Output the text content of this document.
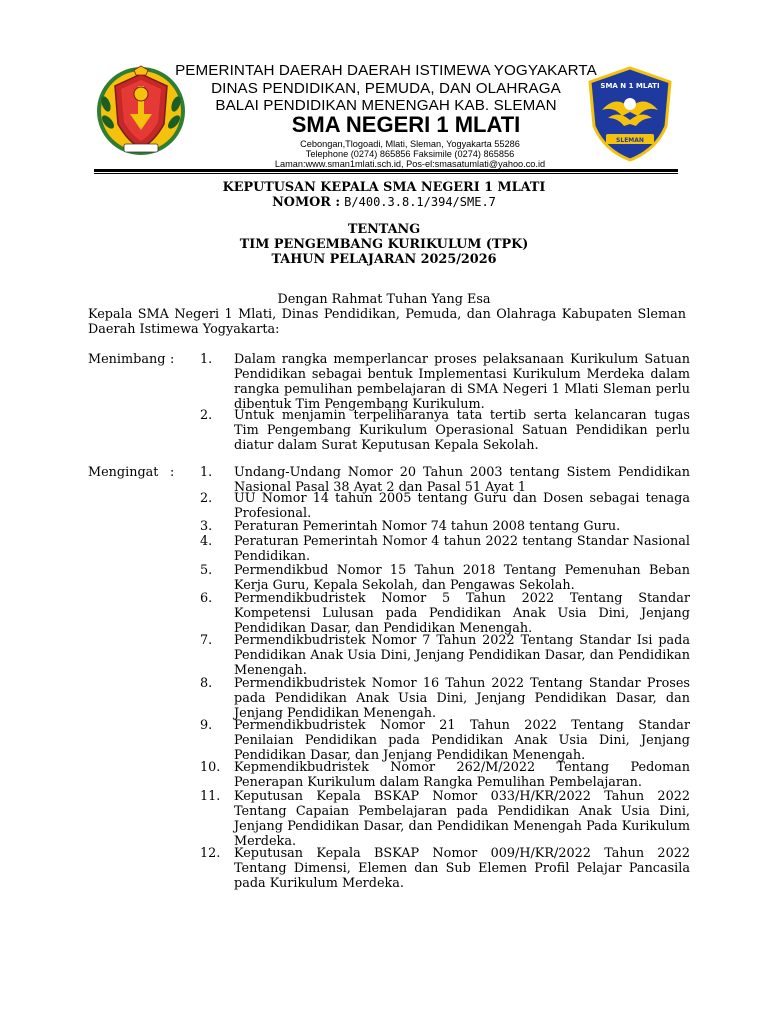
PEMERINTAH DAERAH DAERAH ISTIMEWA YOGYAKARTA
DINAS PENDIDIKAN, PEMUDA, DAN OLAHRAGA
BALAI PENDIDIKAN MENENGAH KAB. SLEMAN
SMA NEGERI 1 MLATI
Cebongan,Tlogoadi, Mlati, Sleman, Yogyakarta 55286
Telephone (0274) 865856 Faksimile (0274) 865856
Laman:www.sman1mlati.sch.id, Pos-el:smasatumlati@yahoo.co.id
SMA N 1 MLATI
SLEMAN
KEPUTUSAN KEPALA SMA NEGERI 1 MLATI
NOMOR : B/400.3.8.1/394/SME.7
TENTANG
TIM PENGEMBANG KURIKULUM (TPK)
TAHUN PELAJARAN 2025/2026
Dengan Rahmat Tuhan Yang Esa
Kepala SMA Negeri 1 Mlati, Dinas Pendidikan, Pemuda, dan Olahraga Kabupaten Sleman Daerah Istimewa Yogyakarta:
Menimbang : 1.	Dalam rangka memperlancar proses pelaksanaan Kurikulum Satuan Pendidikan sebagai bentuk Implementasi Kurikulum Merdeka dalam rangka pemulihan pembelajaran di SMA Negeri 1 Mlati Sleman perlu dibentuk Tim Pengembang Kurikulum.
2.	Untuk menjamin terpeliharanya tata tertib serta kelancaran tugas Tim Pengembang Kurikulum Operasional Satuan Pendidikan perlu diatur dalam Surat Keputusan Kepala Sekolah.
Mengingat : 1.	Undang-Undang Nomor 20 Tahun 2003 tentang Sistem Pendidikan Nasional Pasal 38 Ayat 2 dan Pasal 51 Ayat 1
2.	UU Nomor 14 tahun 2005 tentang Guru dan Dosen sebagai tenaga Profesional.
3.	Peraturan Pemerintah Nomor 74 tahun 2008 tentang Guru.
4.	Peraturan Pemerintah Nomor 4 tahun 2022 tentang Standar Nasional Pendidikan.
5.	Permendikbud Nomor 15 Tahun 2018 Tentang Pemenuhan Beban Kerja Guru, Kepala Sekolah, dan Pengawas Sekolah.
6.	Permendikbudristek Nomor 5 Tahun 2022 Tentang Standar Kompetensi Lulusan pada Pendidikan Anak Usia Dini, Jenjang Pendidikan Dasar, dan Pendidikan Menengah.
7.	Permendikbudristek Nomor 7 Tahun 2022 Tentang Standar Isi pada Pendidikan Anak Usia Dini, Jenjang Pendidikan Dasar, dan Pendidikan Menengah.
8.	Permendikbudristek Nomor 16 Tahun 2022 Tentang Standar Proses pada Pendidikan Anak Usia Dini, Jenjang Pendidikan Dasar, dan Jenjang Pendidikan Menengah.
9.	Permendikbudristek Nomor 21 Tahun 2022 Tentang Standar Penilaian Pendidikan pada Pendidikan Anak Usia Dini, Jenjang Pendidikan Dasar, dan Jenjang Pendidikan Menengah.
10.	Kepmendikbudristek Nomor 262/M/2022 Tentang Pedoman Penerapan Kurikulum dalam Rangka Pemulihan Pembelajaran.
11.	Keputusan Kepala BSKAP Nomor 033/H/KR/2022 Tahun 2022 Tentang Capaian Pembelajaran pada Pendidikan Anak Usia Dini, Jenjang Pendidikan Dasar, dan Pendidikan Menengah Pada Kurikulum Merdeka.
12.	Keputusan Kepala BSKAP Nomor 009/H/KR/2022 Tahun 2022 Tentang Dimensi, Elemen dan Sub Elemen Profil Pelajar Pancasila pada Kurikulum Merdeka.
